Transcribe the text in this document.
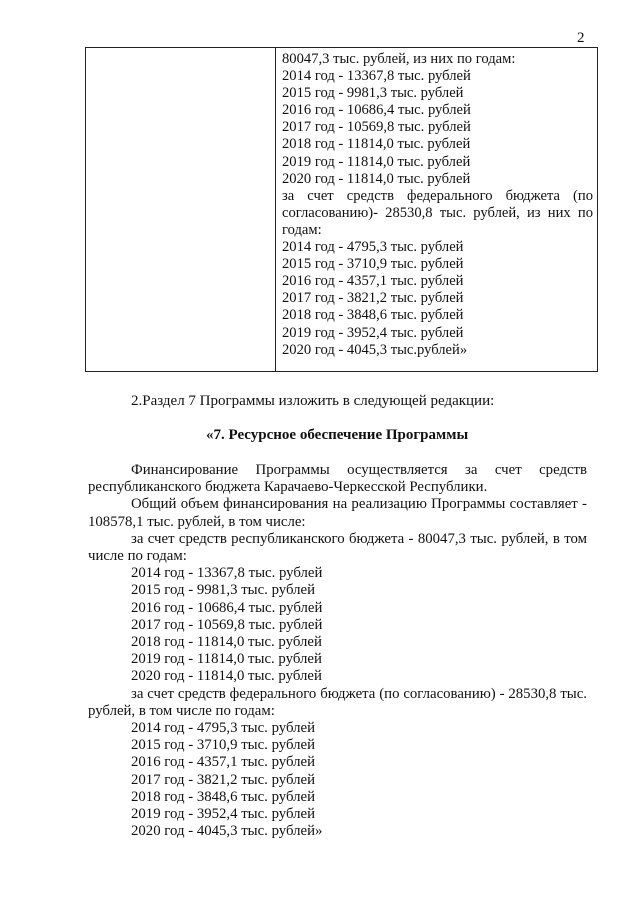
2

80047,3 тыс. рублей, из них по годам:
2014 год - 13367,8 тыс. рублей
2015 год - 9981,3 тыс. рублей
2016 год - 10686,4 тыс. рублей
2017 год - 10569,8 тыс. рублей
2018 год - 11814,0 тыс. рублей
2019 год - 11814,0 тыс. рублей
2020 год - 11814,0 тыс. рублей
за счет средств федерального бюджета (по согласованию)- 28530,8 тыс. рублей, из них по годам:
2014 год - 4795,3 тыс. рублей
2015 год - 3710,9 тыс. рублей
2016 год - 4357,1 тыс. рублей
2017 год - 3821,2 тыс. рублей
2018 год - 3848,6 тыс. рублей
2019 год - 3952,4 тыс. рублей
2020 год - 4045,3 тыс.рублей»
2.Раздел 7 Программы изложить в следующей редакции:
«7. Ресурсное обеспечение Программы

Финансирование Программы осуществляется за счет средств республиканского бюджета Карачаево-Черкесской Республики.

Общий объем финансирования на реализацию Программы составляет - 108578,1 тыс. рублей, в том числе:

за счет средств республиканского бюджета - 80047,3 тыс. рублей, в том числе по годам:

2014 год - 13367,8 тыс. рублей
2015 год - 9981,3 тыс. рублей
2016 год - 10686,4 тыс. рублей
2017 год - 10569,8 тыс. рублей
2018 год - 11814,0 тыс. рублей
2019 год - 11814,0 тыс. рублей
2020 год - 11814,0 тыс. рублей

за счет средств федерального бюджета (по согласованию) - 28530,8 тыс. рублей, в том числе по годам:

2014 год - 4795,3 тыс. рублей
2015 год - 3710,9 тыс. рублей
2016 год - 4357,1 тыс. рублей
2017 год - 3821,2 тыс. рублей
2018 год - 3848,6 тыс. рублей
2019 год - 3952,4 тыс. рублей
2020 год - 4045,3 тыс. рублей»
